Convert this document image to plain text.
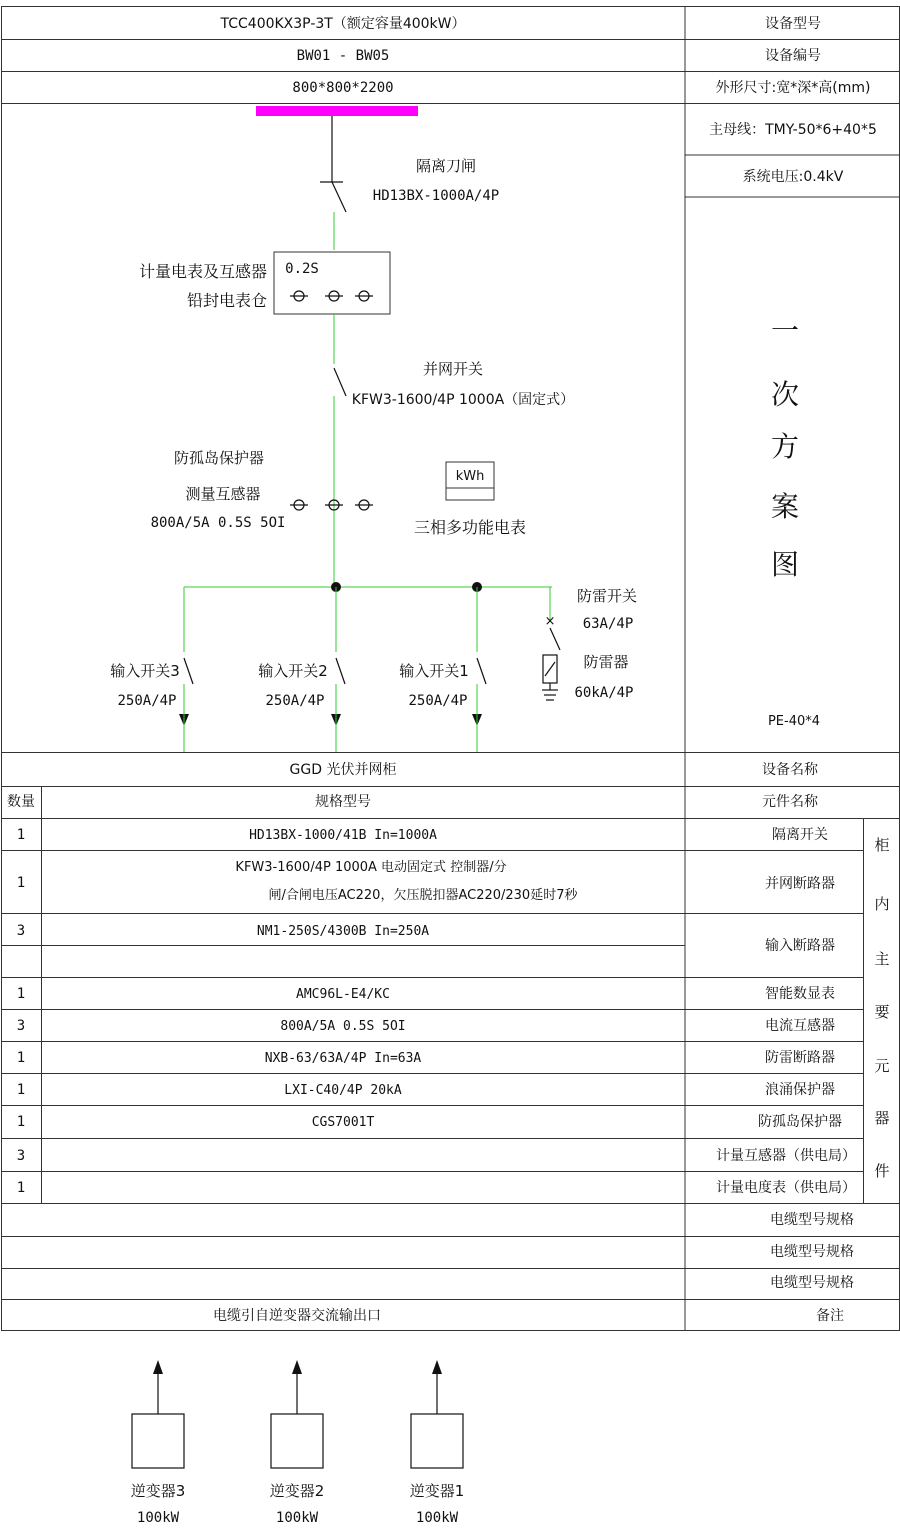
设备型号
TCC400KX3P-3T（额定容量400kW）
设备编号
BW01 - BW05
外形尺寸:宽*深*高(mm)
800*800*2200
主母线：TMY-50*6+40*5
系统电压:0.4kV
一
次
方
案
图
PE-40*4
隔离刀闸
HD13BX-1000A/4P
0.2S
计量电表及互感器
铅封电表仓
并网开关
KFW3-1600/4P 1000A（固定式）
防孤岛保护器
测量互感器
800A/5A 0.5S 5OI
kWh
三相多功能电表
×
防雷开关
63A/4P
防雷器
60kA/4P
输入开关1
250A/4P
输入开关2
250A/4P
输入开关3
250A/4P
设备名称
GGD 光伏并网柜
元件名称
规格型号
数量
柜
内
主
要
元
器
件
隔离开关
HD13BX-1000/41B In=1000A
1
并网断路器
KFW3-1600/4P 1000A 电动固定式 控制器/分
闸/合闸电压AC220，欠压脱扣器AC220/230延时7秒
1
输入断路器
NM1-250S/4300B In=250A
3
智能数显表
AMC96L-E4/KC
1
电流互感器
800A/5A 0.5S 5OI
3
防雷断路器
NXB-63/63A/4P In=63A
1
浪涌保护器
LXI-C40/4P 20kA
1
防孤岛保护器
CGS7001T
1
计量互感器（供电局）
3
计量电度表（供电局）
1
电缆型号规格
电缆型号规格
电缆型号规格
备注
电缆引自逆变器交流输出口
逆变器1
100kW
逆变器2
100kW
逆变器3
100kW
